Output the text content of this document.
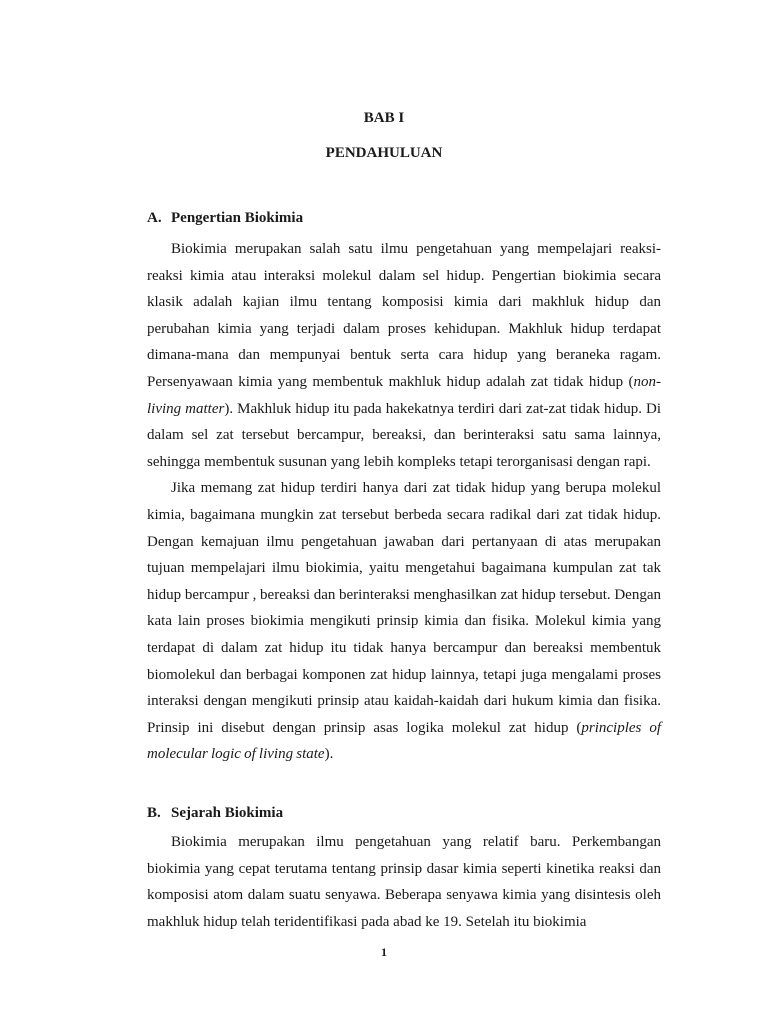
BAB I
PENDAHULUAN
A. Pengertian Biokimia

Biokimia merupakan salah satu ilmu pengetahuan yang mempelajari reaksi-reaksi kimia atau interaksi molekul dalam sel hidup. Pengertian biokimia secara klasik adalah kajian ilmu tentang komposisi kimia dari makhluk hidup dan perubahan kimia yang terjadi dalam proses kehidupan. Makhluk hidup terdapat dimana-mana dan mempunyai bentuk serta cara hidup yang beraneka ragam. Persenyawaan kimia yang membentuk makhluk hidup adalah zat tidak hidup (non-living matter). Makhluk hidup itu pada hakekatnya terdiri dari zat-zat tidak hidup. Di dalam sel zat tersebut bercampur, bereaksi, dan berinteraksi satu sama lainnya, sehingga membentuk susunan yang lebih kompleks tetapi terorganisasi dengan rapi.

Jika memang zat hidup terdiri hanya dari zat tidak hidup yang berupa molekul kimia, bagaimana mungkin zat tersebut berbeda secara radikal dari zat tidak hidup. Dengan kemajuan ilmu pengetahuan jawaban dari pertanyaan di atas merupakan tujuan mempelajari ilmu biokimia, yaitu mengetahui bagaimana kumpulan zat tak hidup bercampur , bereaksi dan berinteraksi menghasilkan zat hidup tersebut. Dengan kata lain proses biokimia mengikuti prinsip kimia dan fisika. Molekul kimia yang terdapat di dalam zat hidup itu tidak hanya bercampur dan bereaksi membentuk biomolekul dan berbagai komponen zat hidup lainnya, tetapi juga mengalami proses interaksi dengan mengikuti prinsip atau kaidah-kaidah dari hukum kimia dan fisika. Prinsip ini disebut dengan prinsip asas logika molekul zat hidup (principles of molecular logic of living state).

B. Sejarah Biokimia

Biokimia merupakan ilmu pengetahuan yang relatif baru. Perkembangan biokimia yang cepat terutama tentang prinsip dasar kimia seperti kinetika reaksi dan komposisi atom dalam suatu senyawa. Beberapa senyawa kimia yang disintesis oleh makhluk hidup telah teridentifikasi pada abad ke 19. Setelah itu biokimia

1
